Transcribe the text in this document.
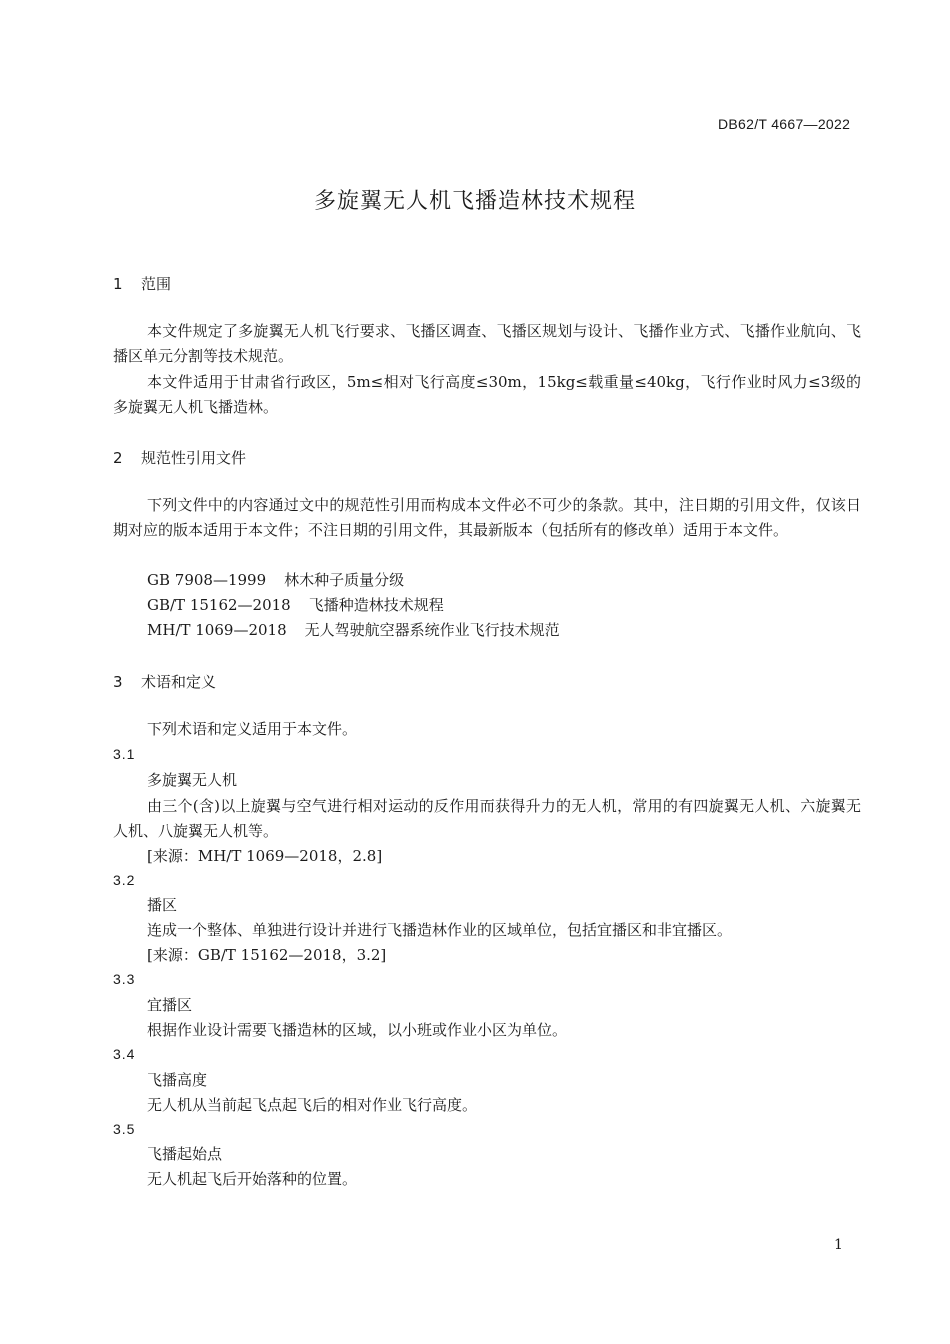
DB62/T 4667—2022
多旋翼无人机飞播造林技术规程
1 范围
本文件规定了多旋翼无人机飞行要求、飞播区调查、飞播区规划与设计、飞播作业方式、飞播作业航向、飞播区单元分割等技术规范。
本文件适用于甘肃省行政区，5m≤相对飞行高度≤30m，15kg≤载重量≤40kg，飞行作业时风力≤3级的多旋翼无人机飞播造林。
2 规范性引用文件
下列文件中的内容通过文中的规范性引用而构成本文件必不可少的条款。其中，注日期的引用文件，仅该日期对应的版本适用于本文件；不注日期的引用文件，其最新版本（包括所有的修改单）适用于本文件。
GB 7908—1999 林木种子质量分级
GB/T 15162—2018 飞播种造林技术规程
MH/T 1069—2018 无人驾驶航空器系统作业飞行技术规范
3 术语和定义
下列术语和定义适用于本文件。
3.1
多旋翼无人机
由三个(含)以上旋翼与空气进行相对运动的反作用而获得升力的无人机，常用的有四旋翼无人机、六旋翼无人机、八旋翼无人机等。
[来源：MH/T 1069—2018，2.8]
3.2
播区
连成一个整体、单独进行设计并进行飞播造林作业的区域单位，包括宜播区和非宜播区。
[来源：GB/T 15162—2018，3.2]
3.3
宜播区
根据作业设计需要飞播造林的区域，以小班或作业小区为单位。
3.4
飞播高度
无人机从当前起飞点起飞后的相对作业飞行高度。
3.5
飞播起始点
无人机起飞后开始落种的位置。
1
